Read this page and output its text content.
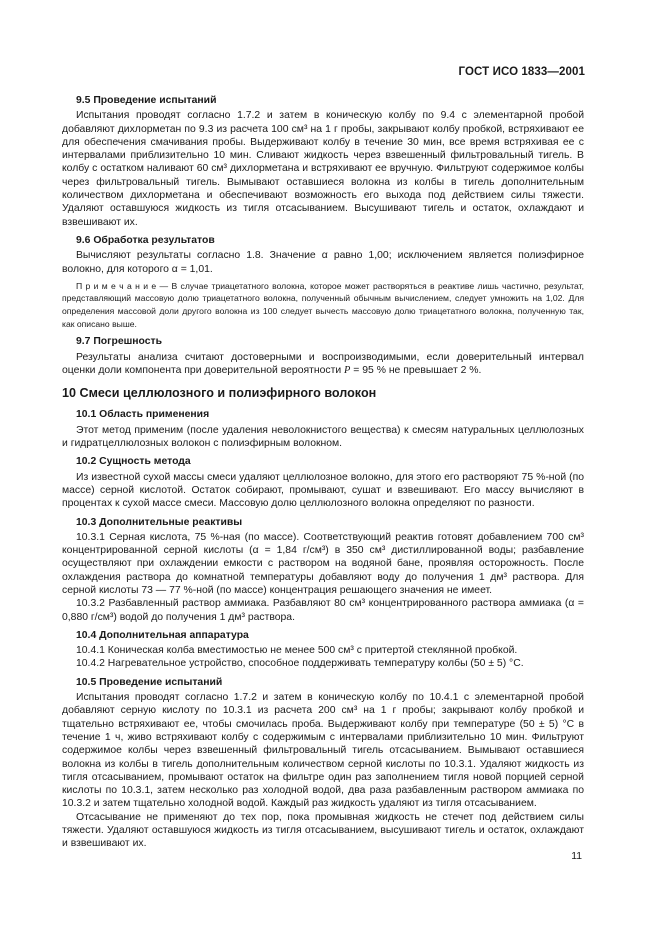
ГОСТ ИСО 1833—2001
9.5 Проведение испытаний

Испытания проводят согласно 1.7.2 и затем в коническую колбу по 9.4 с элементарной пробой добавляют дихлорметан по 9.3 из расчета 100 см³ на 1 г пробы, закрывают колбу пробкой, встряхивают ее для обеспечения смачивания пробы. Выдерживают колбу в течение 30 мин, все время встряхивая ее с интервалами приблизительно 10 мин. Сливают жидкость через взвешенный фильтровальный тигель. В колбу с остатком наливают 60 см³ дихлорметана и встряхивают ее вручную. Фильтруют содержимое колбы через фильтровальный тигель. Вымывают оставшиеся волокна из колбы в тигель дополнительным количеством дихлорметана и обеспечивают возможность его выхода под действием силы тяжести. Удаляют оставшуюся жидкость из тигля отсасыванием. Высушивают тигель и остаток, охлаждают и взвешивают их.

9.6 Обработка результатов

Вычисляют результаты согласно 1.8. Значение α равно 1,00; исключением является полиэфирное волокно, для которого α = 1,01.

П р и м е ч а н и е — В случае триацетатного волокна, которое может растворяться в реактиве лишь частично, результат, представляющий массовую долю триацетатного волокна, полученный обычным вычислением, следует умножить на 1,02. Для определения массовой доли другого волокна из 100 следует вычесть массовую долю триацетатного волокна, полученную так, как описано выше.

9.7 Погрешность

Результаты анализа считают достоверными и воспроизводимыми, если доверительный интервал оценки доли компонента при доверительной вероятности P = 95 % не превышает 2 %.

10 Смеси целлюлозного и полиэфирного волокон
10.1 Область применения

Этот метод применим (после удаления неволокнистого вещества) к смесям натуральных целлюлозных и гидратцеллюлозных волокон с полиэфирным волокном.

10.2 Сущность метода

Из известной сухой массы смеси удаляют целлюлозное волокно, для этого его растворяют 75 %-ной (по массе) серной кислотой. Остаток собирают, промывают, сушат и взвешивают. Его массу вычисляют в процентах к сухой массе смеси. Массовую долю целлюлозного волокна определяют по разности.

10.3 Дополнительные реактивы

10.3.1 Серная кислота, 75 %-ная (по массе). Соответствующий реактив готовят добавлением 700 см³ концентрированной серной кислоты (α = 1,84 г/см³) в 350 см³ дистиллированной воды; разбавление осуществляют при охлаждении емкости с раствором на водяной бане, проявляя осторожность. После охлаждения раствора до комнатной температуры добавляют воду до получения 1 дм³ раствора. Для серной кислоты 73 — 77 %-ной (по массе) концентрация решающего значения не имеет.

10.3.2 Разбавленный раствор аммиака. Разбавляют 80 см³ концентрированного раствора аммиака (α = 0,880 г/см³) водой до получения 1 дм³ раствора.

10.4 Дополнительная аппаратура

10.4.1 Коническая колба вместимостью не менее 500 см³ с притертой стеклянной пробкой.

10.4.2 Нагревательное устройство, способное поддерживать температуру колбы (50 ± 5) °С.

10.5 Проведение испытаний

Испытания проводят согласно 1.7.2 и затем в коническую колбу по 10.4.1 с элементарной пробой добавляют серную кислоту по 10.3.1 из расчета 200 см³ на 1 г пробы; закрывают колбу пробкой и тщательно встряхивают ее, чтобы смочилась проба. Выдерживают колбу при температуре (50 ± 5) °С в течение 1 ч, живо встряхивают колбу с содержимым с интервалами приблизительно 10 мин. Фильтруют содержимое колбы через взвешенный фильтровальный тигель отсасыванием. Вымывают оставшиеся волокна из колбы в тигель дополнительным количеством серной кислоты по 10.3.1. Удаляют жидкость из тигля отсасыванием, промывают остаток на фильтре один раз заполнением тигля новой порцией серной кислоты по 10.3.1, затем несколько раз холодной водой, два раза разбавленным раствором аммиака по 10.3.2 и затем тщательно холодной водой. Каждый раз жидкость удаляют из тигля отсасыванием.

Отсасывание не применяют до тех пор, пока промывная жидкость не стечет под действием силы тяжести. Удаляют оставшуюся жидкость из тигля отсасыванием, высушивают тигель и остаток, охлаждают и взвешивают их.

11
